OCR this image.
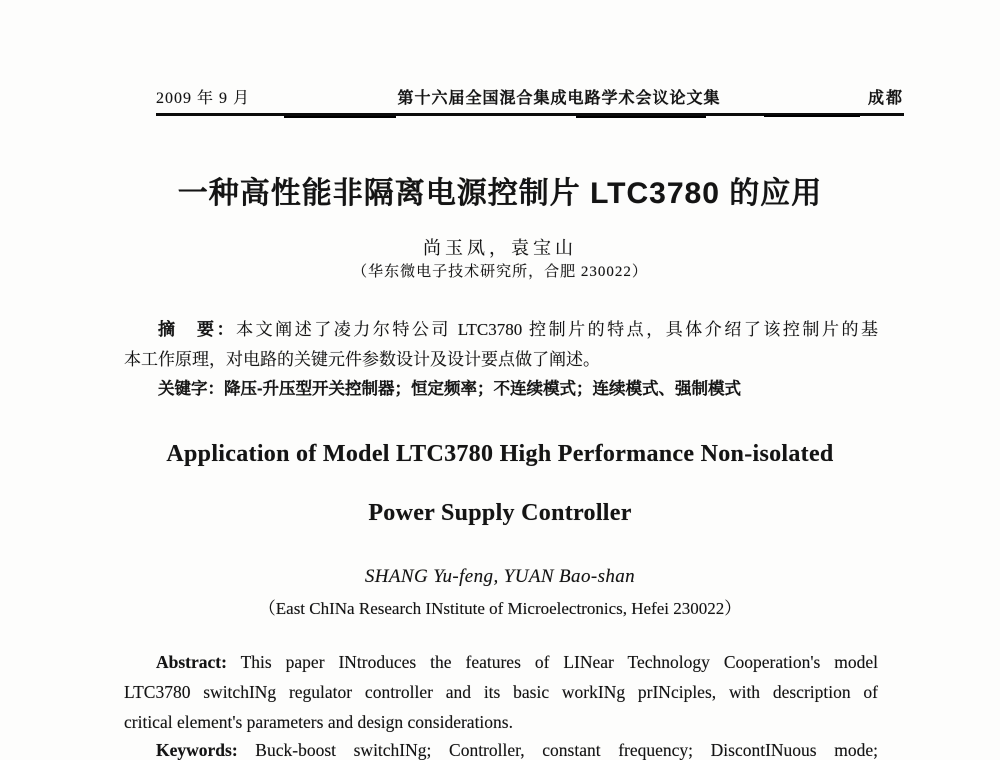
2009 年 9 月	第十六届全国混合集成电路学术会议论文集	成都
一种高性能非隔离电源控制片 LTC3780 的应用
尚玉凤，袁宝山
（华东微电子技术研究所，合肥 230022）

摘　要：本文阐述了凌力尔特公司 LTC3780 控制片的特点，具体介绍了该控制片的基

本工作原理，对电路的关键元件参数设计及设计要点做了阐述。

关键字：降压-升压型开关控制器；恒定频率；不连续模式；连续模式、强制模式

Application of Model LTC3780 High Performance Non-isolated
Power Supply Controller
SHANG Yu-feng, YUAN Bao-shan
（East ChINa Research INstitute of Microelectronics, Hefei 230022）

Abstract: This paper INtroduces the features of LINear Technology Cooperation's model

LTC3780 switchINg regulator controller and its basic workINg prINciples, with description of

critical element's parameters and design considerations.

Keywords: Buck-boost switchINg; Controller, constant frequency; DiscontINuous mode;
